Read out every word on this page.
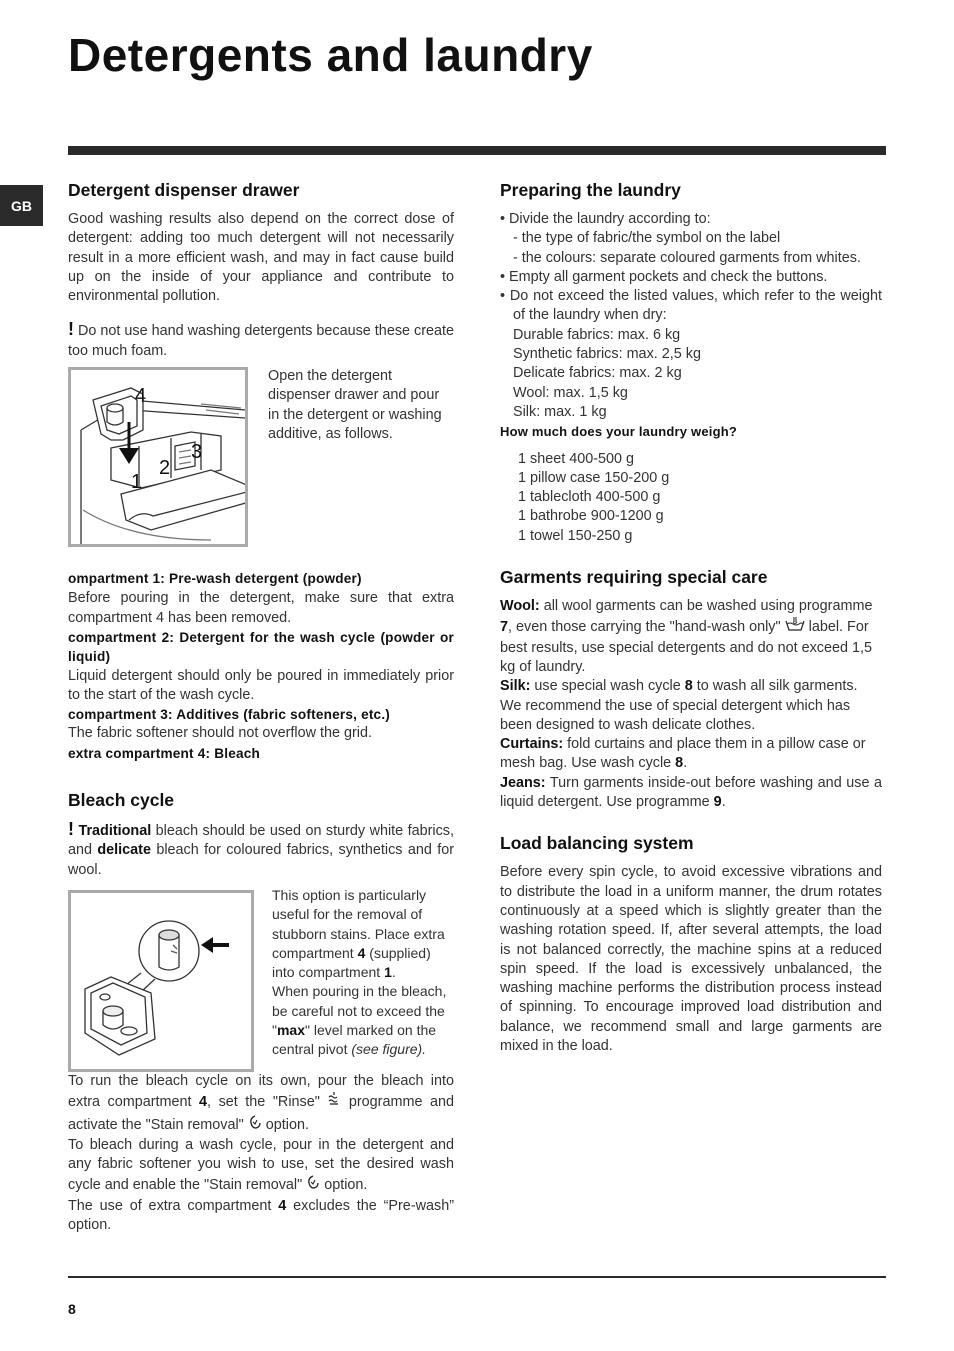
Detergents and laundry
GB
Detergent dispenser drawer

Good washing results also depend on the correct dose of detergent: adding too much detergent will not necessarily result in a more efficient wash, and may in fact cause build up on the inside of your appliance and contribute to environmental pollution.

! Do not use hand washing detergents because these create too much foam.

4
3
2
1
Open the detergent dispenser drawer and pour in the detergent or washing additive, as follows.

ompartment 1: Pre-wash detergent (powder)

Before pouring in the detergent, make sure that extra compartment 4 has been removed.

compartment 2: Detergent for the wash cycle (powder or liquid)

Liquid detergent should only be poured in immediately prior to the start of the wash cycle.

compartment 3: Additives (fabric softeners, etc.)

The fabric softener should not overflow the grid.

extra compartment 4: Bleach

Bleach cycle

! Traditional bleach should be used on sturdy white fabrics, and delicate bleach for coloured fabrics, synthetics and for wool.

This option is particularly useful for the removal of stubborn stains. Place extra compartment 4 (supplied) into compartment 1.
When pouring in the bleach, be careful not to exceed the "max" level marked on the central pivot (see figure).

To run the bleach cycle on its own, pour the bleach into extra compartment 4, set the "Rinse"  programme and activate the "Stain removal"  option.

To bleach during a wash cycle, pour in the detergent and any fabric softener you wish to use, set the desired wash cycle and enable the "Stain removal"  option.

The use of extra compartment 4 excludes the “Pre-wash” option.

Preparing the laundry

• Divide the laundry according to:

- the type of fabric/the symbol on the label

- the colours: separate coloured garments from whites.

• Empty all garment pockets and check the buttons.

• Do not exceed the listed values, which refer to the weight of the laundry when dry:

Durable fabrics: max. 6 kg

Synthetic fabrics: max. 2,5 kg

Delicate fabrics: max. 2 kg

Wool: max. 1,5 kg

Silk: max. 1 kg

How much does your laundry weigh?

1 sheet 400-500 g

1 pillow case 150-200 g

1 tablecloth 400-500 g

1 bathrobe 900-1200 g

1 towel 150-250 g

Garments requiring special care

Wool: all wool garments can be washed using programme 7, even those carrying the "hand-wash only"  label. For best results, use special detergents and do not exceed 1,5 kg of laundry.

Silk: use special wash cycle 8 to wash all silk garments. We recommend the use of special detergent which has been designed to wash delicate clothes.

Curtains: fold curtains and place them in a pillow case or mesh bag. Use wash cycle 8.

Jeans: Turn garments inside-out before washing and use a liquid detergent. Use programme 9.

Load balancing system

Before every spin cycle, to avoid excessive vibrations and to distribute the load in a uniform manner, the drum rotates continuously at a speed which is slightly greater than the washing rotation speed. If, after several attempts, the load is not balanced correctly, the machine spins at a reduced spin speed. If the load is excessively unbalanced, the washing machine performs the distribution process instead of spinning. To encourage improved load distribution and balance, we recommend small and large garments are mixed in the load.

8
